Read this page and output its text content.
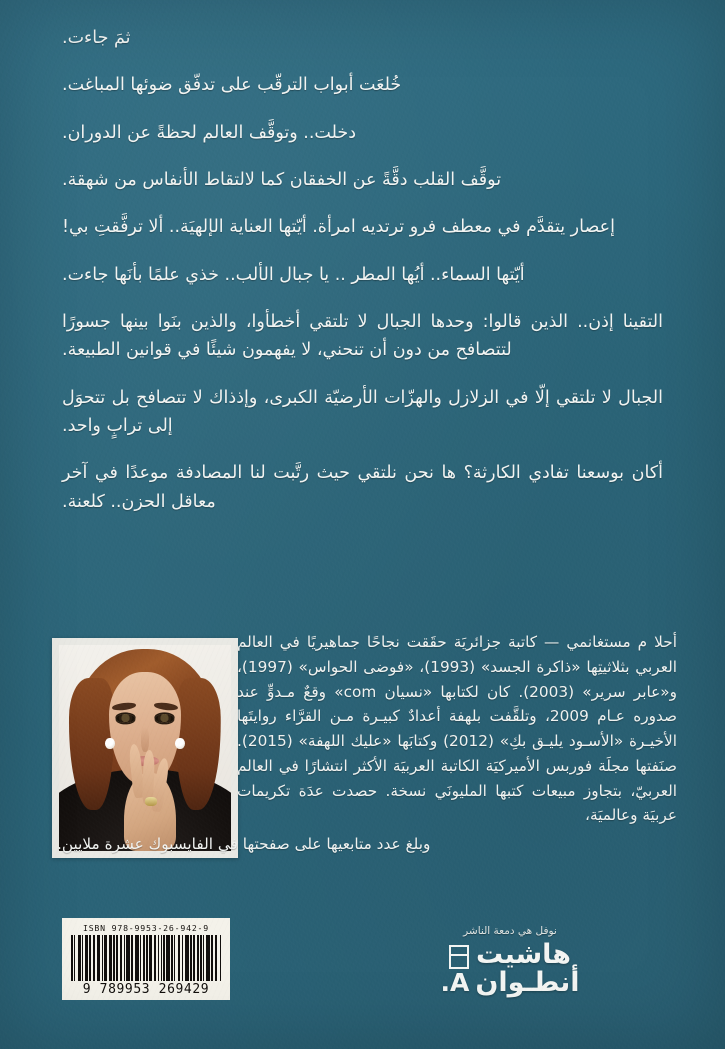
ثمَ جاءت.

خُلعَت أبواب الترقّب على تدفّق ضوئها المباغت.

دخلت.. وتوقَّف العالم لحظةً عن الدوران.

توقَّف القلب دقَّةً عن الخفقان كما لالتقاط الأنفاس من شهقة.

إعصار يتقدَّم في معطف فرو ترتديه امرأة. أيّتها العناية الإلهيَة.. ألا ترفَّقتِ بي!

أيّتها السماء.. أيُها المطر .. يا جبال الألب.. خذي علمًا بأنَها جاءت.

التقينا إذن.. الذين قالوا: وحدها الجبال لا تلتقي أخطأوا، والذين بنَوا بينها جسورًا لتتصافح من دون أن تنحني، لا يفهمون شيئًا في قوانين الطبيعة.

الجبال لا تلتقي إلّا في الزلازل والهزّات الأرضيّة الكبرى، وإذذاك لا تتصافح بل تتحوَل إلى ترابٍ واحد.

أكان بوسعنا تفادي الكارثة؟ ها نحن نلتقي حيث رتَّبت لنا المصادفة موعدًا في آخر معاقل الحزن.. كلعنة.

أحلا م مستغانمي — كاتبة جزائريَة حقَقت نجاحًا جماهيريًا في العالم العربي بثلاثيتِها «ذاكرة الجسد» (1993)، «فوضى الحواس» (1997)، و«عابر سرير» (2003). كان لكتابها «نسيان com» وقعٌ مـدوٍّ عند صدوره عـام 2009، وتلقَّفت بلهفة أعدادٌ كبيـرة مـن القرَّاء روايتَها الأخيـرة «الأسـود يليـق بكِ» (2012) وكتابَها «عليك اللهفة» (2015). صنَفتها مجلَة فوربس الأميركيَة الكاتبة العربيَة الأكثر انتشارًا في العالم العربيّ، بتجاوز مبيعات كتبها المليونَي نسخة. حصدت عدَة تكريمات عربيَة وعالميَة،

وبلغ عدد متابعيها على صفحتها في الفايسبوك عشرة ملايين.
ISBN 978-9953-26-942-9
9 789953 269429
نوفل هي دمعة الناشر
هاشيت
أنطـوان
A.
